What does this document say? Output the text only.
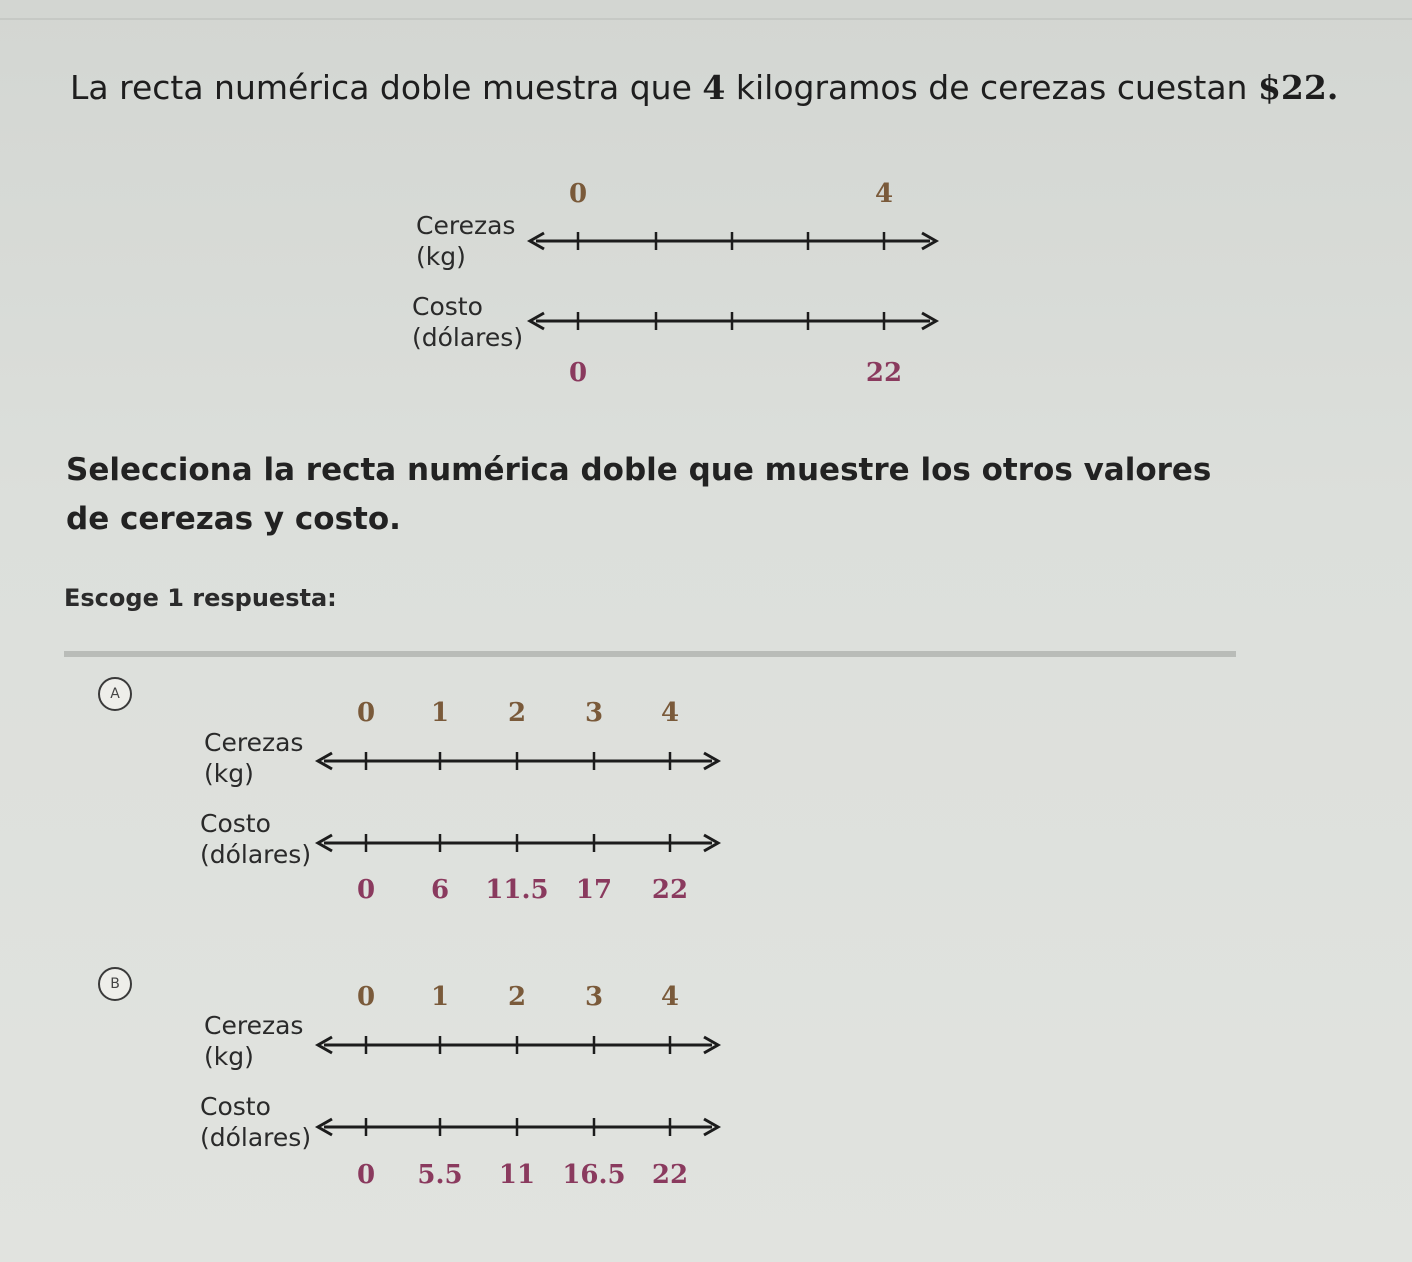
La recta numérica doble muestra que 4 kilogramos de cerezas cuestan $22.
Cerezas
(kg)
Costo
(dólares)
0	4
0	22
Selecciona la recta numérica doble que muestre los otros valores de cerezas y costo.
Escoge 1 respuesta:
A
Cerezas
(kg)
Costo
(dólares)
B
Cerezas
(kg)
Costo
(dólares)
0 1 2 3 4
0 6 11.5 17 22
0 1 2 3 4
0 5.5 11 16.5 22
